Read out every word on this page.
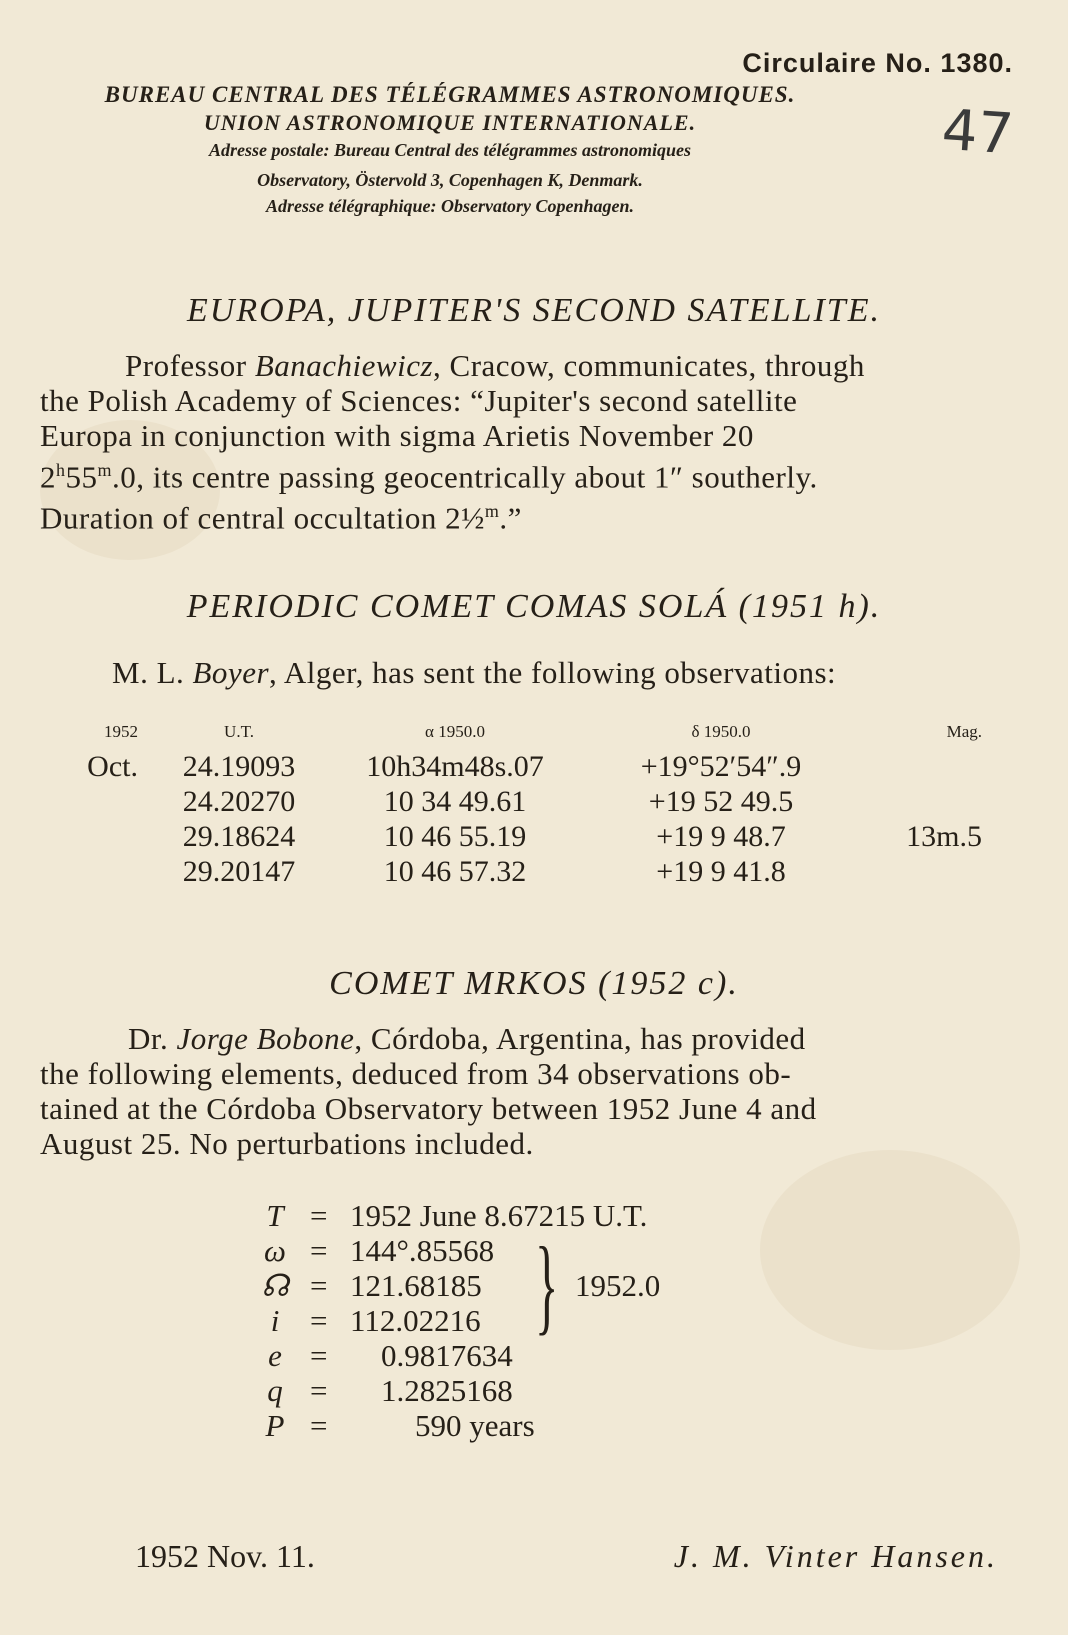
Circulaire No. 1380.
BUREAU CENTRAL DES TÉLÉGRAMMES ASTRONOMIQUES.
UNION ASTRONOMIQUE INTERNATIONALE.
Adresse postale: Bureau Central des télégrammes astronomiques
Observatory, Östervold 3, Copenhagen K, Denmark.
Adresse télégraphique: Observatory Copenhagen.
47
EUROPA, JUPITER'S SECOND SATELLITE.
Professor Banachiewicz, Cracow, communicates, through
the Polish Academy of Sciences: “Jupiter's second satellite
Europa in conjunction with sigma Arietis November 20
2$^h$55$^m$.0, its centre passing geocentrically about 1″ southerly.
Duration of central occultation 2½$^m$.”
PERIODIC COMET COMAS SOLÁ (1951 h).
M. L. Boyer, Alger, has sent the following observations:
1952	U.T.	α 1950.0	δ 1950.0	Mag.
Oct.	24.19093	10h34m48s.07	+19°52′54″.9	
	24.20270	10 34 49.61	+19 52 49.5	
	29.18624	10 46 55.19	+19 9 48.7	13m.5
	29.20147	10 46 57.32	+19 9 41.8	
COMET MRKOS (1952 c).
Dr. Jorge Bobone, Córdoba, Argentina, has provided
the following elements, deduced from 34 observations ob-
tained at the Córdoba Observatory between 1952 June 4 and
August 25. No perturbations included.
T = 1952 June 8.67215 U.T.
ω = 144°.85568
☊ = 121.68185
i = 112.02216
e = 0.9817634
q = 1.2825168
P =	590 years
} 1952.0
1952 Nov. 11.	J. M. Vinter Hansen.
